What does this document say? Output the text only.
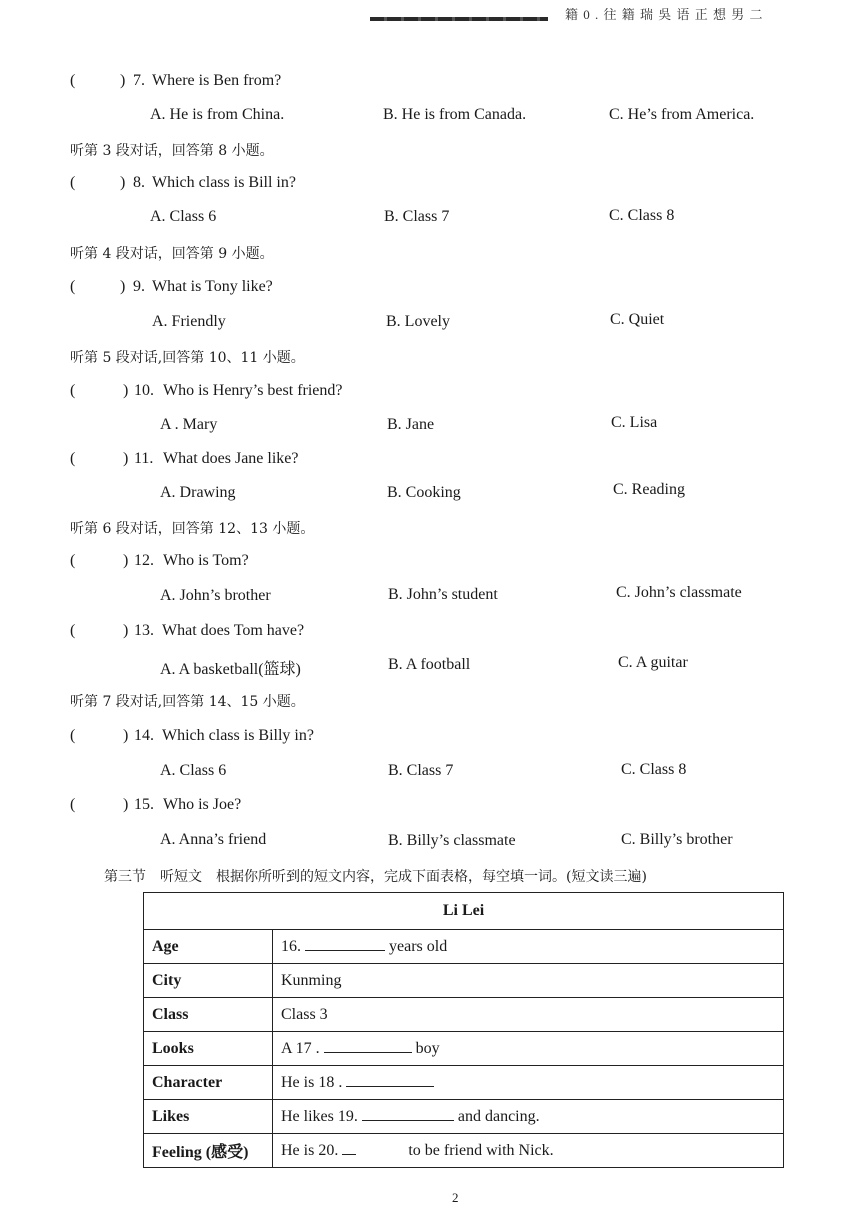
籍 0 . 往 籍 瑞 吳 语 正 想 男 二
(	) 7. Where is Ben from?
A. He is from China.	B. He is from Canada.	C. He’s from America.
听第 3 段对话，回答第 8 小题。
(	) 8. Which class is Bill in?
A. Class 6	B. Class 7	C. Class 8
听第 4 段对话，回答第 9 小题。
(	) 9. What is Tony like?
A. Friendly	B. Lovely	C. Quiet
听第 5 段对话,回答第 10、11 小题。
(	) 10. Who is Henry’s best friend?
A . Mary	B. Jane	C. Lisa
(	) 11. What does Jane like?
A. Drawing	B. Cooking	C. Reading
听第 6 段对话，回答第 12、13 小题。
(	) 12. Who is Tom?
A. John’s brother	B. John’s student	C. John’s classmate
(	) 13. What does Tom have?
A. A basketball(篮球)	B. A football	C. A guitar
听第 7 段对话,回答第 14、15 小题。
(	) 14. Which class is Billy in?
A. Class 6	B. Class 7	C. Class 8
(	) 15. Who is Joe?
A. Anna’s friend	B. Billy’s classmate	C. Billy’s brother
第三节　听短文　根据你所听到的短文内容，完成下面表格，每空填一词。(短文读三遍)
Li Lei	
Age	16. years old
City	Kunming
Class	Class 3
Looks	A 17 . boy
Character	He is 18 .
Likes	He likes 19. and dancing.
Feeling (感受)	He is 20. to be friend with Nick.
2
